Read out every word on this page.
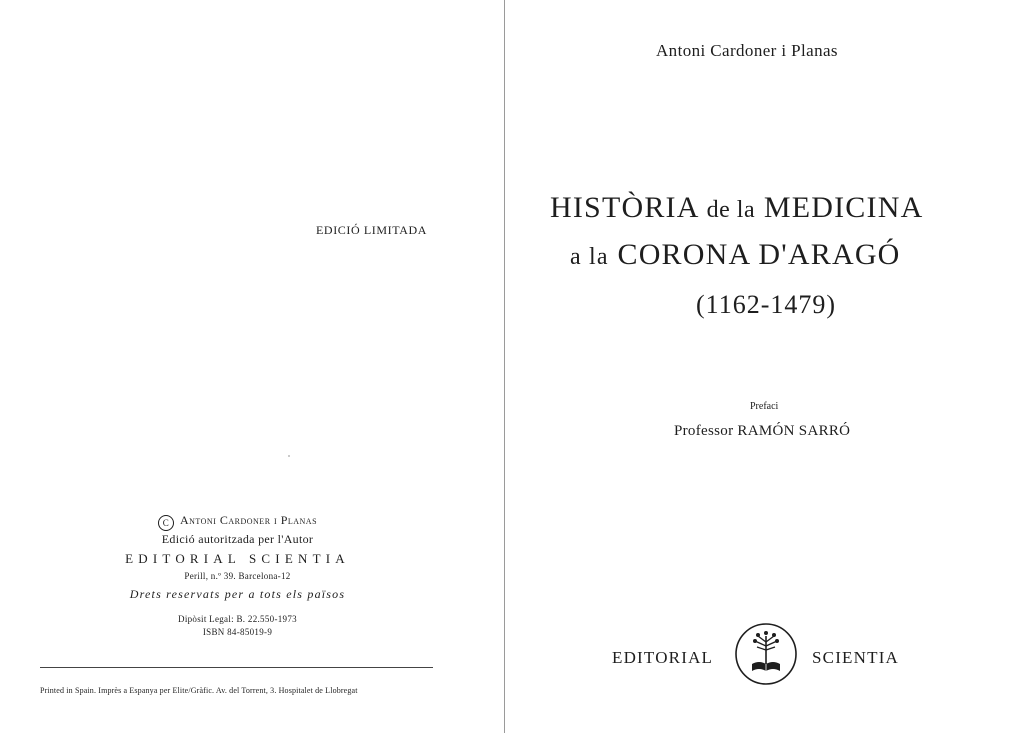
EDICIÓ LIMITADA
C Antoni Cardoner i Planas
Edició autoritzada per l'Autor
EDITORIAL SCIENTIA
Perill, n.º 39. Barcelona-12
Drets reservats per a tots els països
Dipòsit Legal: B. 22.550-1973
ISBN 84-85019-9
Printed in Spain. Imprès a Espanya per Elite/Gràfic. Av. del Torrent, 3. Hospitalet de Llobregat
Antoni Cardoner i Planas
HISTÒRIA de la MEDICINA
a la CORONA D'ARAGÓ
(1162-1479)
Prefaci
Professor RAMÓN SARRÓ
EDITORIAL	SCIENTIA
